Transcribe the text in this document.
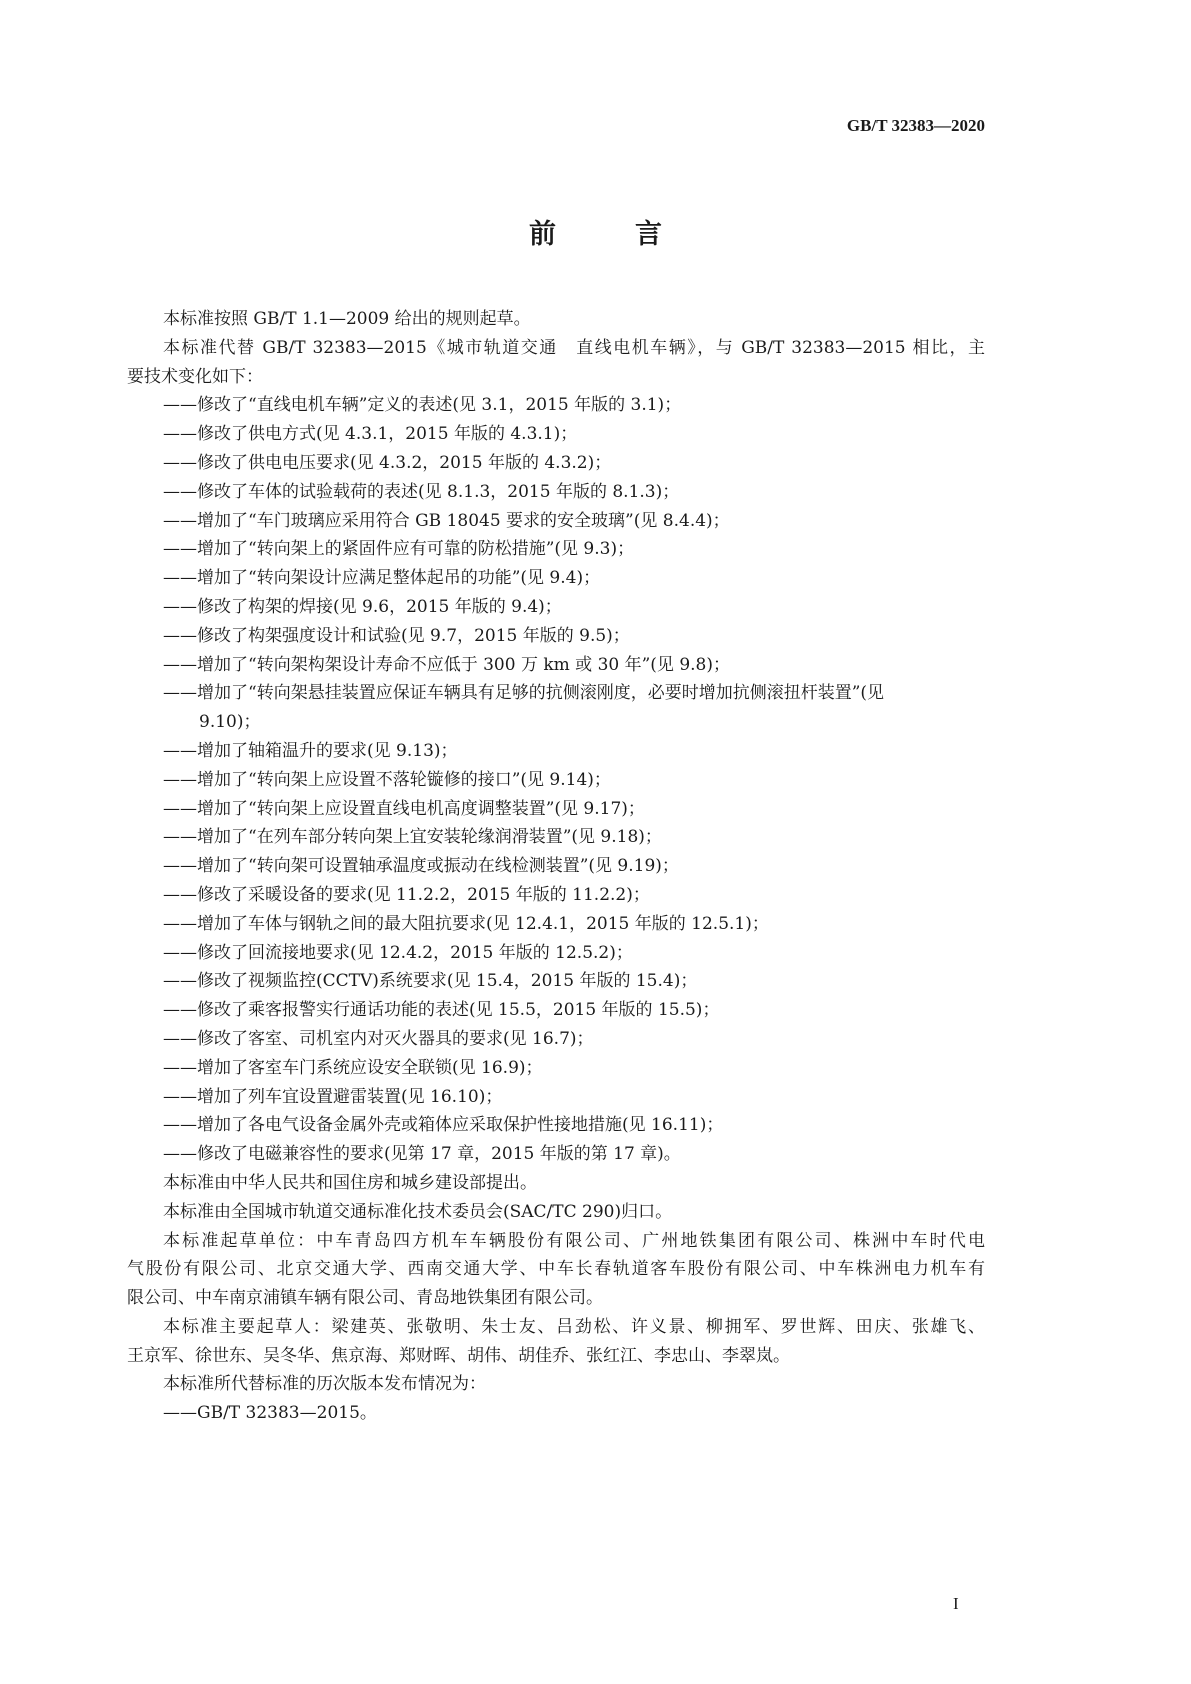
GB/T 32383—2020
前　言
本标准按照 GB/T 1.1—2009 给出的规则起草。
本标准代替 GB/T 32383—2015《城市轨道交通　直线电机车辆》，与 GB/T 32383—2015 相比，主
要技术变化如下：
——修改了“直线电机车辆”定义的表述(见 3.1，2015 年版的 3.1)；
——修改了供电方式(见 4.3.1，2015 年版的 4.3.1)；
——修改了供电电压要求(见 4.3.2，2015 年版的 4.3.2)；
——修改了车体的试验载荷的表述(见 8.1.3，2015 年版的 8.1.3)；
——增加了“车门玻璃应采用符合 GB 18045 要求的安全玻璃”(见 8.4.4)；
——增加了“转向架上的紧固件应有可靠的防松措施”(见 9.3)；
——增加了“转向架设计应满足整体起吊的功能”(见 9.4)；
——修改了构架的焊接(见 9.6，2015 年版的 9.4)；
——修改了构架强度设计和试验(见 9.7，2015 年版的 9.5)；
——增加了“转向架构架设计寿命不应低于 300 万 km 或 30 年”(见 9.8)；
——增加了“转向架悬挂装置应保证车辆具有足够的抗侧滚刚度，必要时增加抗侧滚扭杆装置”(见
9.10)；
——增加了轴箱温升的要求(见 9.13)；
——增加了“转向架上应设置不落轮镟修的接口”(见 9.14)；
——增加了“转向架上应设置直线电机高度调整装置”(见 9.17)；
——增加了“在列车部分转向架上宜安装轮缘润滑装置”(见 9.18)；
——增加了“转向架可设置轴承温度或振动在线检测装置”(见 9.19)；
——修改了采暖设备的要求(见 11.2.2，2015 年版的 11.2.2)；
——增加了车体与钢轨之间的最大阻抗要求(见 12.4.1，2015 年版的 12.5.1)；
——修改了回流接地要求(见 12.4.2，2015 年版的 12.5.2)；
——修改了视频监控(CCTV)系统要求(见 15.4，2015 年版的 15.4)；
——修改了乘客报警实行通话功能的表述(见 15.5，2015 年版的 15.5)；
——修改了客室、司机室内对灭火器具的要求(见 16.7)；
——增加了客室车门系统应设安全联锁(见 16.9)；
——增加了列车宜设置避雷装置(见 16.10)；
——增加了各电气设备金属外壳或箱体应采取保护性接地措施(见 16.11)；
——修改了电磁兼容性的要求(见第 17 章，2015 年版的第 17 章)。
本标准由中华人民共和国住房和城乡建设部提出。
本标准由全国城市轨道交通标准化技术委员会(SAC/TC 290)归口。
本标准起草单位：中车青岛四方机车车辆股份有限公司、广州地铁集团有限公司、株洲中车时代电
气股份有限公司、北京交通大学、西南交通大学、中车长春轨道客车股份有限公司、中车株洲电力机车有
限公司、中车南京浦镇车辆有限公司、青岛地铁集团有限公司。
本标准主要起草人：梁建英、张敬明、朱士友、吕劲松、许义景、柳拥军、罗世辉、田庆、张雄飞、
王京军、徐世东、吴冬华、焦京海、郑财晖、胡伟、胡佳乔、张红江、李忠山、李翠岚。
本标准所代替标准的历次版本发布情况为：
——GB/T 32383—2015。
I
